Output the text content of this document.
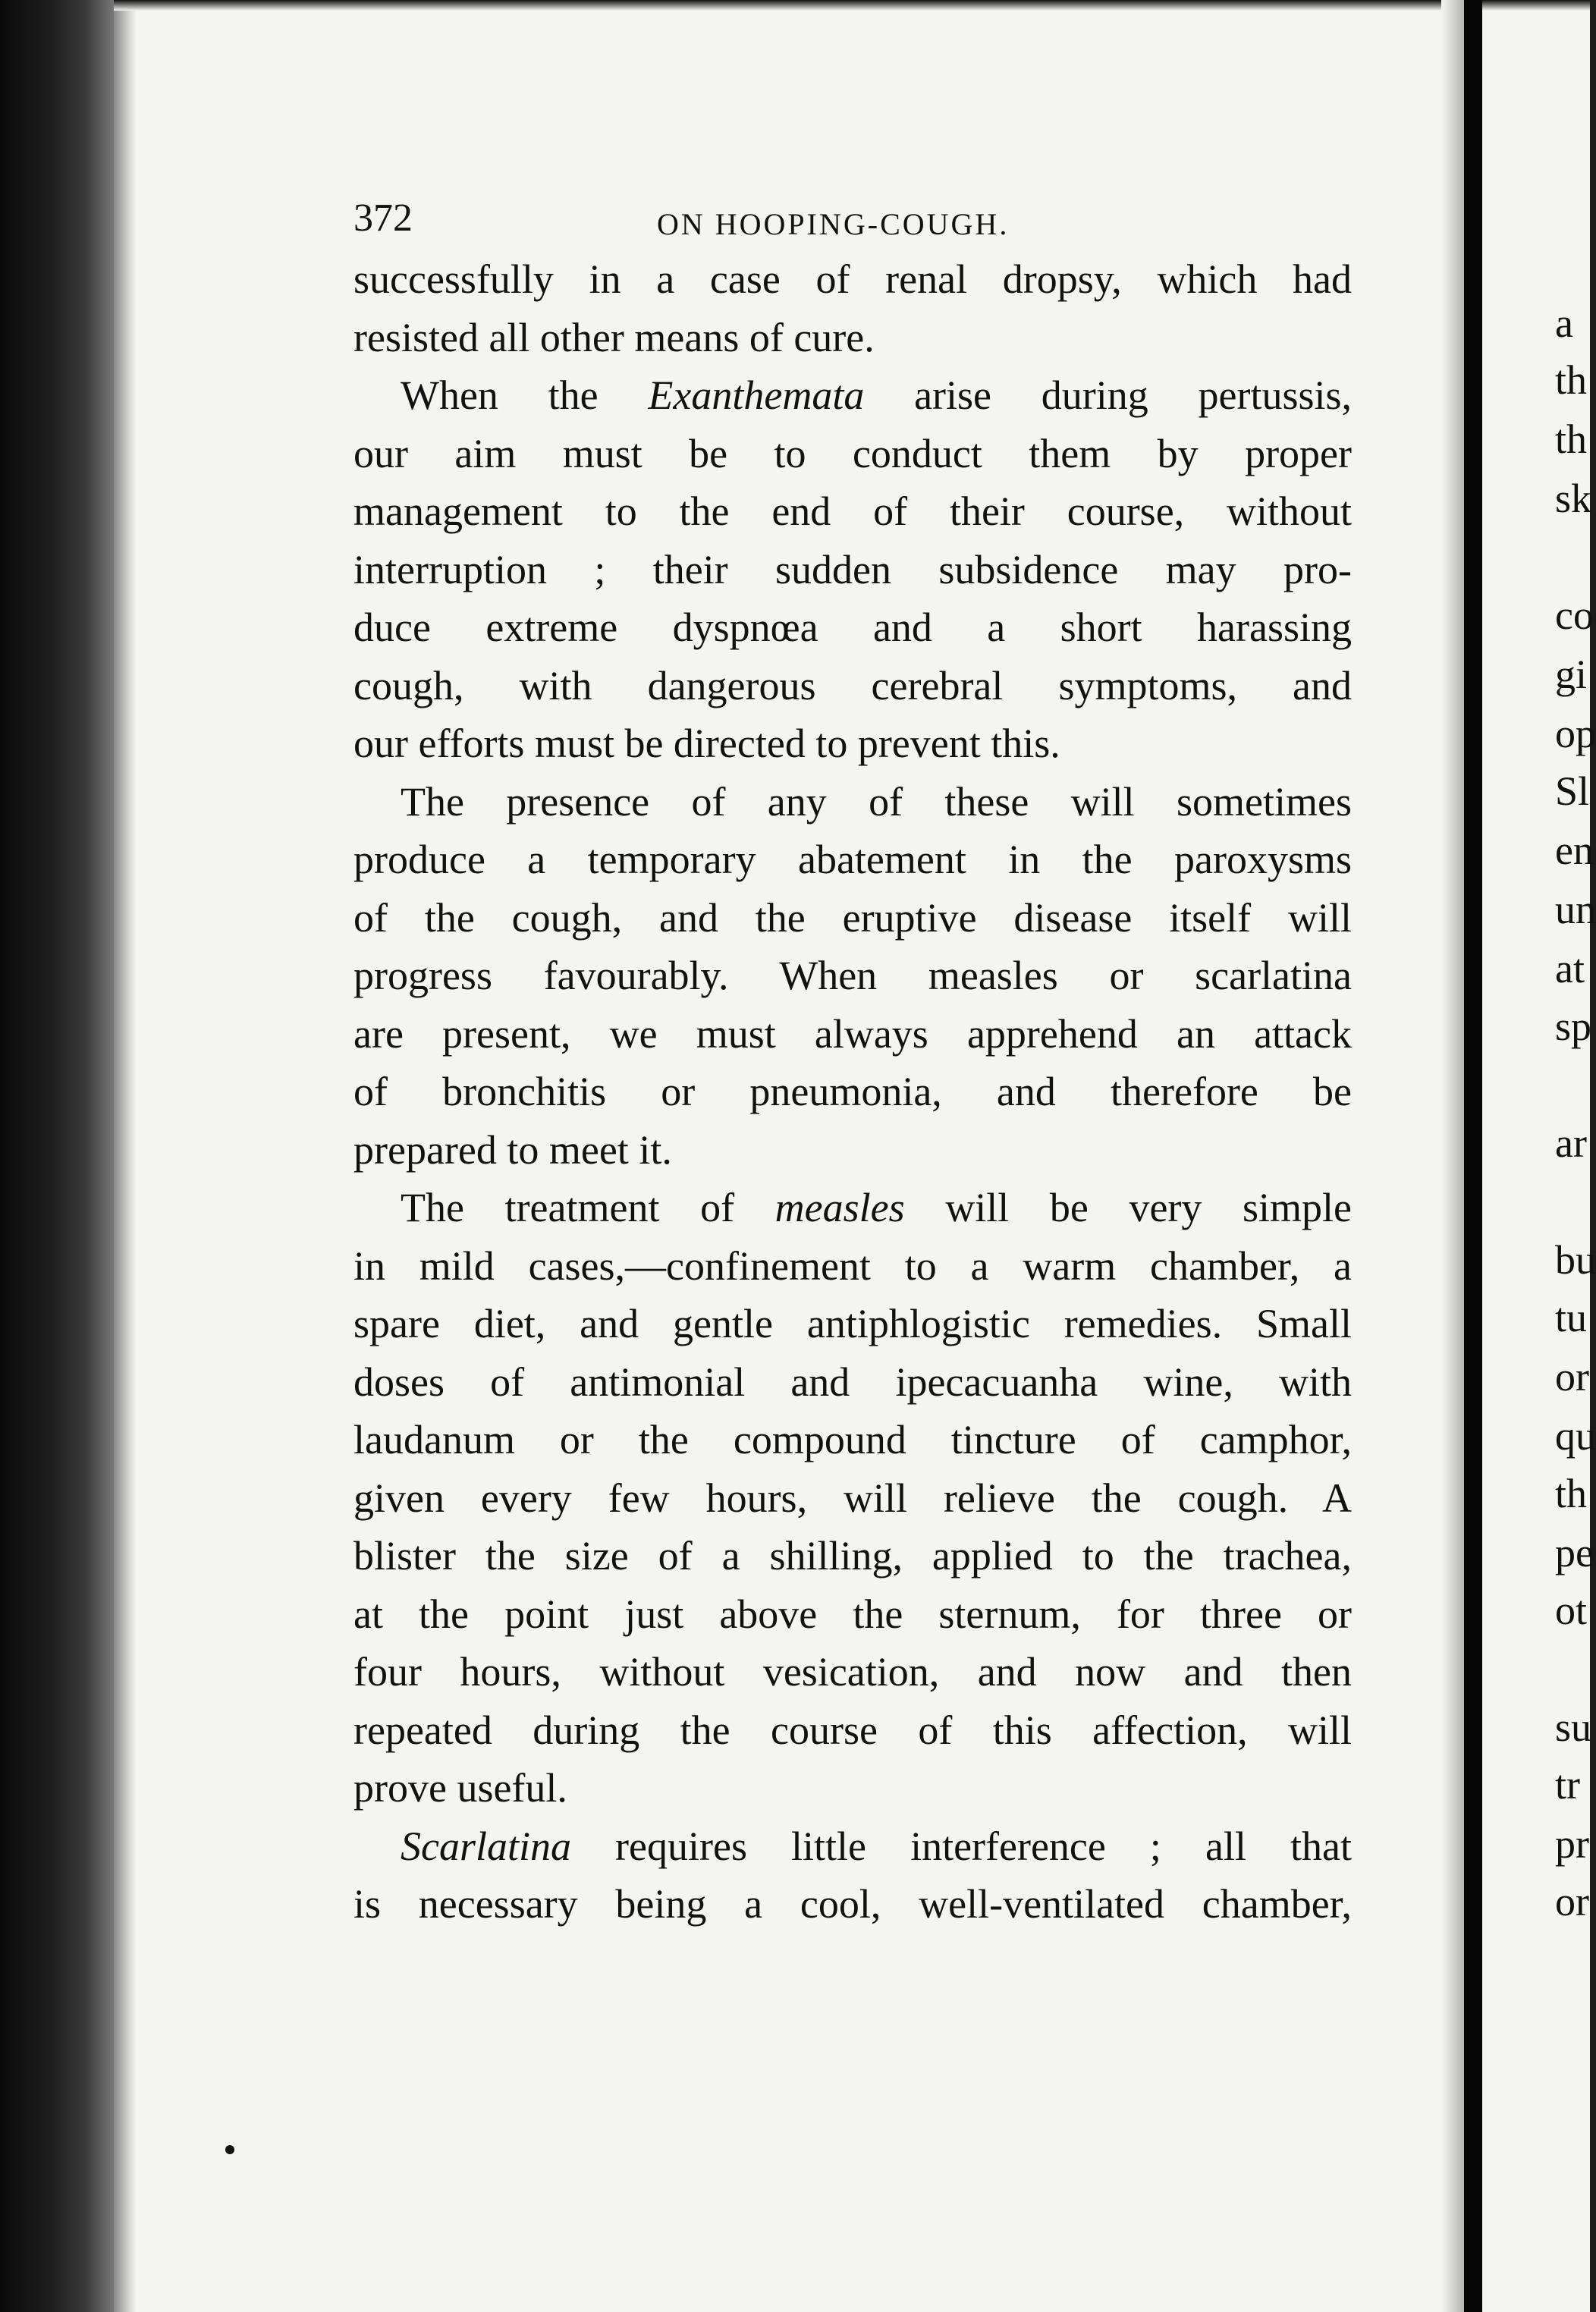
372	ON HOOPING-COUGH.
successfully in a case of renal dropsy, which had
resisted all other means of cure.
When the Exanthemata arise during pertussis,
our aim must be to conduct them by proper
management to the end of their course, without
interruption ; their sudden subsidence may pro-
duce extreme dyspnœa and a short harassing
cough, with dangerous cerebral symptoms, and
our efforts must be directed to prevent this.
The presence of any of these will sometimes
produce a temporary abatement in the paroxysms
of the cough, and the eruptive disease itself will
progress favourably. When measles or scarlatina
are present, we must always apprehend an attack
of bronchitis or pneumonia, and therefore be
prepared to meet it.
The treatment of measles will be very simple
in mild cases,—confinement to a warm chamber, a
spare diet, and gentle antiphlogistic remedies. Small
doses of antimonial and ipecacuanha wine, with
laudanum or the compound tincture of camphor,
given every few hours, will relieve the cough. A
blister the size of a shilling, applied to the trachea,
at the point just above the sternum, for three or
four hours, without vesication, and now and then
repeated during the course of this affection, will
prove useful.
Scarlatina requires little interference ; all that
is necessary being a cool, well-ventilated chamber,
a
th
th
sk
co
gi
op
Sl
en
un
at
sp
ar
bu
tu
or
qu
th
pe
ot
su
tr
pr
or
